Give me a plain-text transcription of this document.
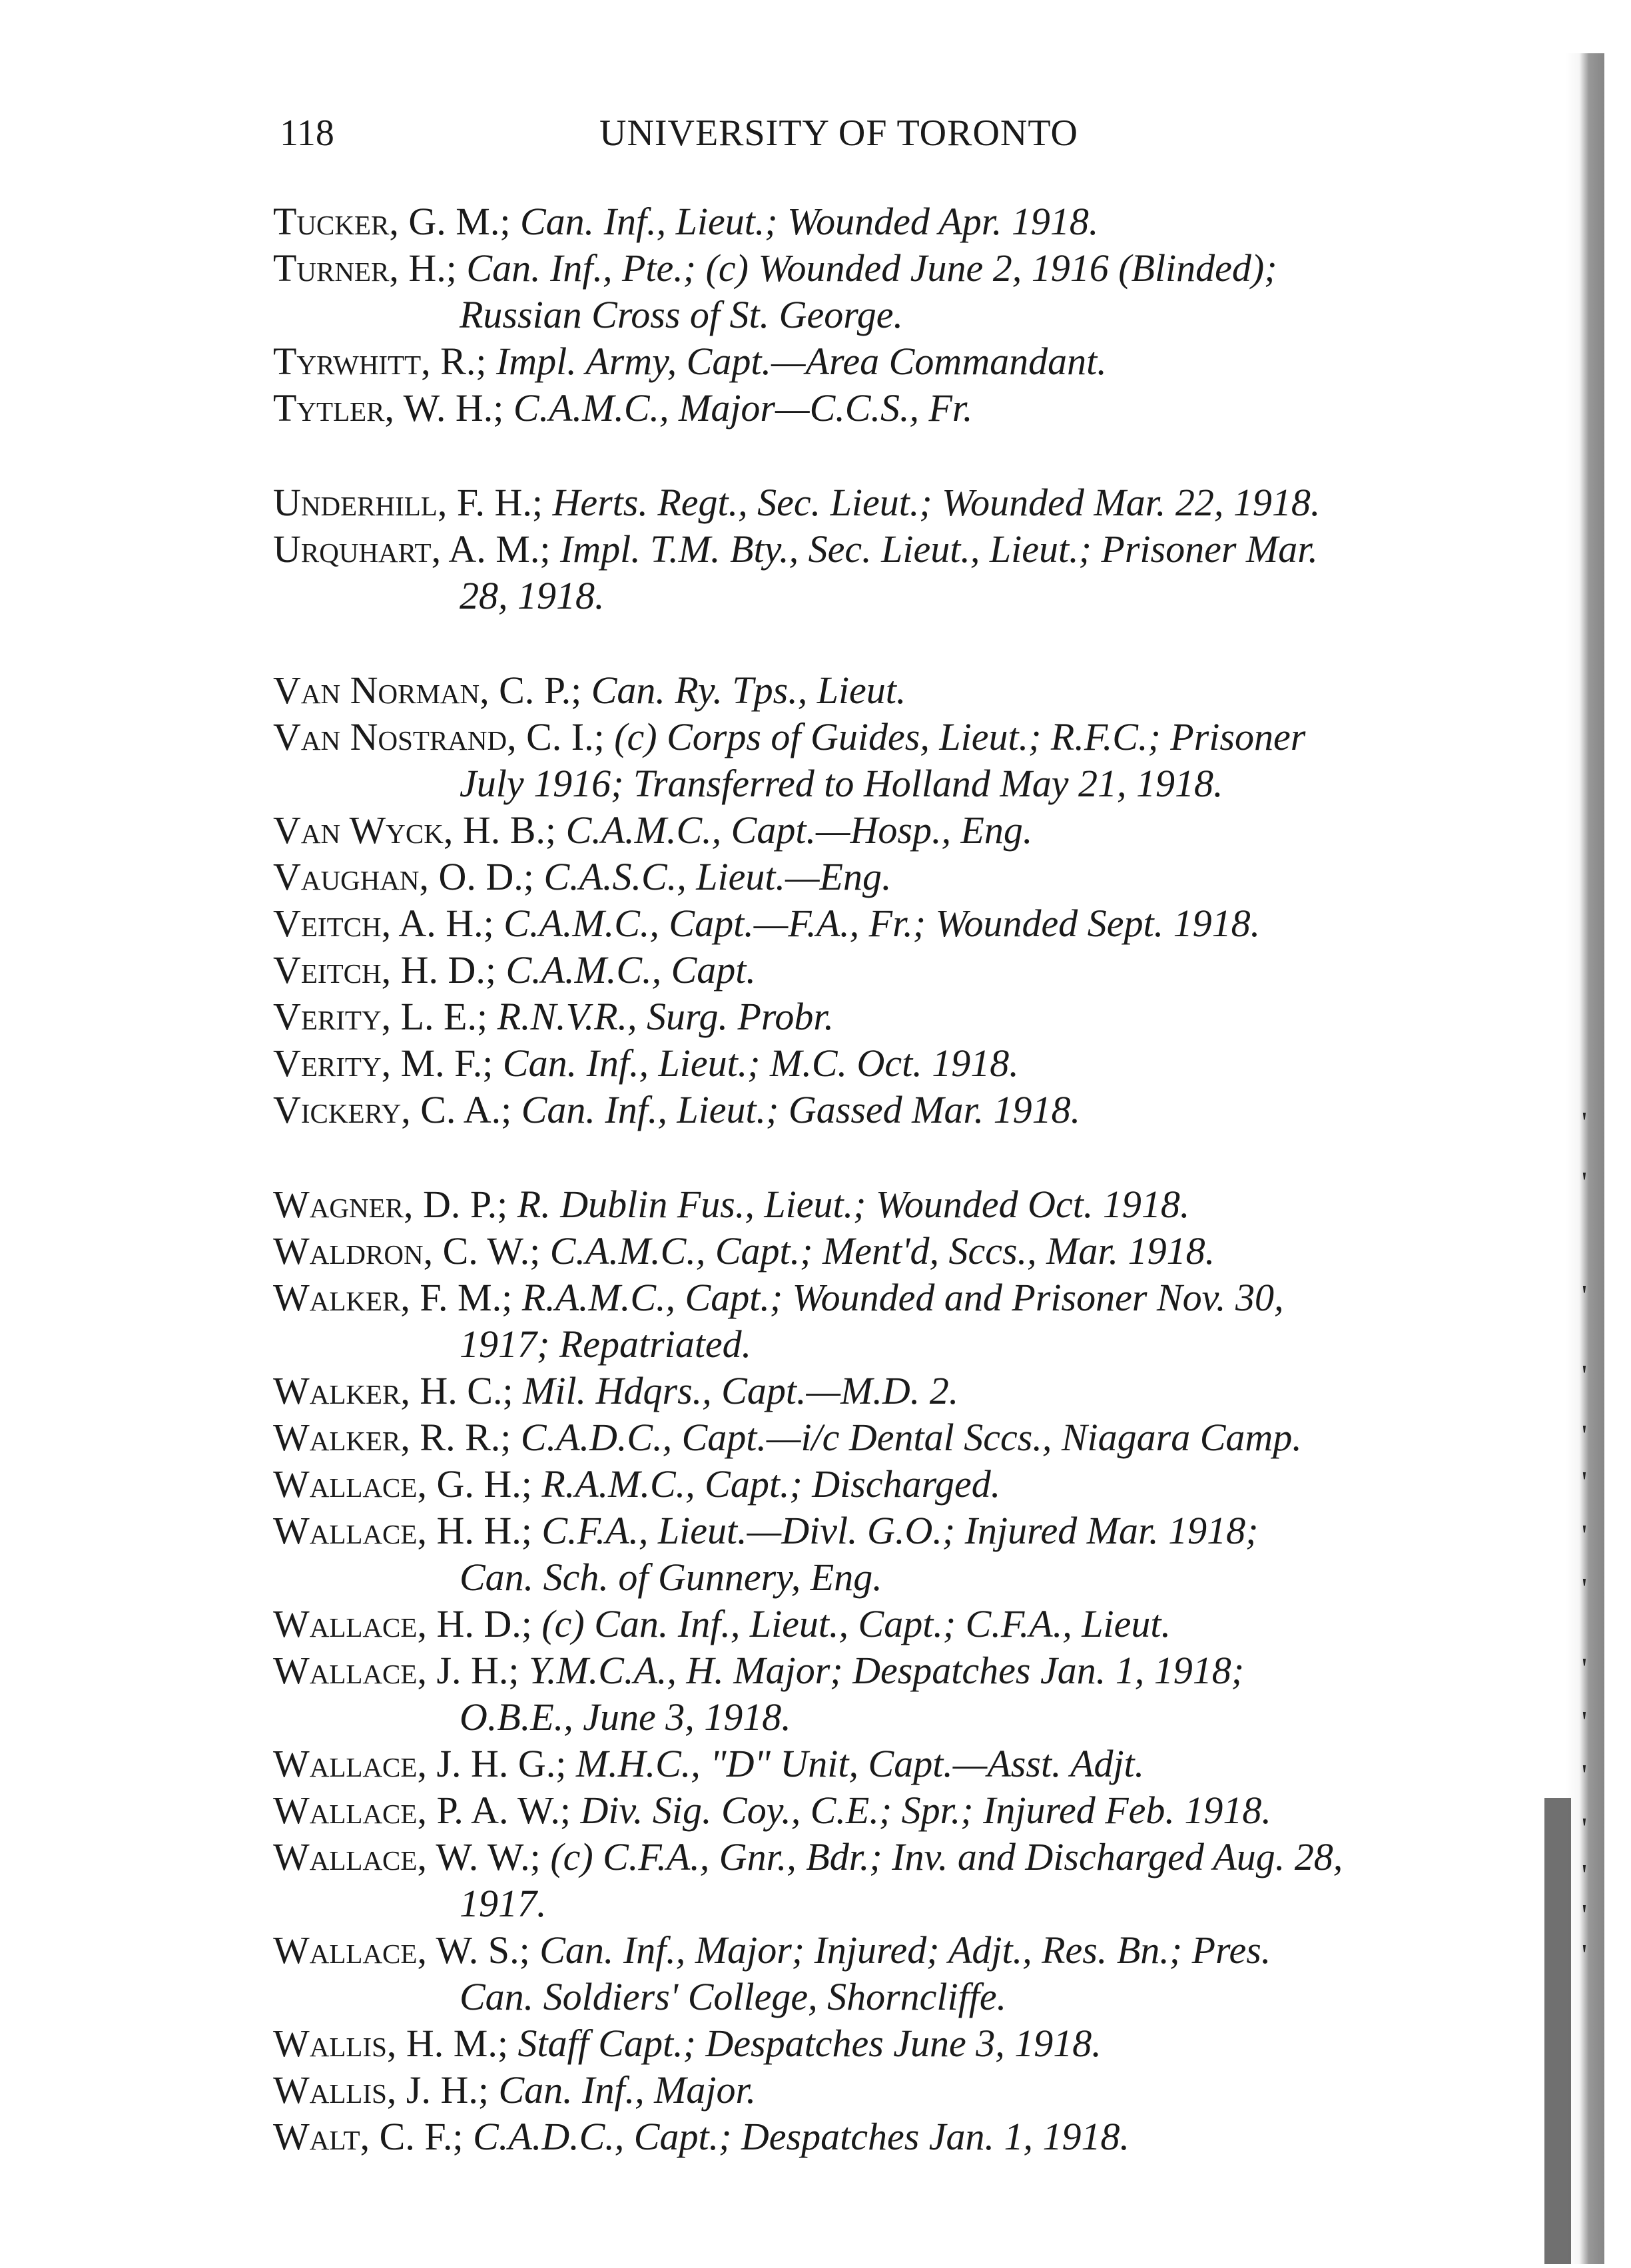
118	UNIVERSITY OF TORONTO

Tucker, G. M.; Can. Inf., Lieut.; Wounded Apr. 1918.

Turner, H.; Can. Inf., Pte.; (c) Wounded June 2, 1916 (Blinded);

Russian Cross of St. George.

Tyrwhitt, R.; Impl. Army, Capt.—Area Commandant.

Tytler, W. H.; C.A.M.C., Major—C.C.S., Fr.

Underhill, F. H.; Herts. Regt., Sec. Lieut.; Wounded Mar. 22, 1918.

Urquhart, A. M.; Impl. T.M. Bty., Sec. Lieut., Lieut.; Prisoner Mar.

28, 1918.

Van Norman, C. P.; Can. Ry. Tps., Lieut.

Van Nostrand, C. I.; (c) Corps of Guides, Lieut.; R.F.C.; Prisoner

July 1916; Transferred to Holland May 21, 1918.

Van Wyck, H. B.; C.A.M.C., Capt.—Hosp., Eng.

Vaughan, O. D.; C.A.S.C., Lieut.—Eng.

Veitch, A. H.; C.A.M.C., Capt.—F.A., Fr.; Wounded Sept. 1918.

Veitch, H. D.; C.A.M.C., Capt.

Verity, L. E.; R.N.V.R., Surg. Probr.

Verity, M. F.; Can. Inf., Lieut.; M.C. Oct. 1918.

Vickery, C. A.; Can. Inf., Lieut.; Gassed Mar. 1918.

Wagner, D. P.; R. Dublin Fus., Lieut.; Wounded Oct. 1918.

Waldron, C. W.; C.A.M.C., Capt.; Ment'd, Sccs., Mar. 1918.

Walker, F. M.; R.A.M.C., Capt.; Wounded and Prisoner Nov. 30,

1917; Repatriated.

Walker, H. C.; Mil. Hdqrs., Capt.—M.D. 2.

Walker, R. R.; C.A.D.C., Capt.—i/c Dental Sccs., Niagara Camp.

Wallace, G. H.; R.A.M.C., Capt.; Discharged.

Wallace, H. H.; C.F.A., Lieut.—Divl. G.O.; Injured Mar. 1918;

Can. Sch. of Gunnery, Eng.

Wallace, H. D.; (c) Can. Inf., Lieut., Capt.; C.F.A., Lieut.

Wallace, J. H.; Y.M.C.A., H. Major; Despatches Jan. 1, 1918;

O.B.E., June 3, 1918.

Wallace, J. H. G.; M.H.C., "D" Unit, Capt.—Asst. Adjt.

Wallace, P. A. W.; Div. Sig. Coy., C.E.; Spr.; Injured Feb. 1918.

Wallace, W. W.; (c) C.F.A., Gnr., Bdr.; Inv. and Discharged Aug. 28,

1917.

Wallace, W. S.; Can. Inf., Major; Injured; Adjt., Res. Bn.; Pres.

Can. Soldiers' College, Shorncliffe.

Wallis, H. M.; Staff Capt.; Despatches June 3, 1918.

Wallis, J. H.; Can. Inf., Major.

Walt, C. F.; C.A.D.C., Capt.; Despatches Jan. 1, 1918.

'
'
'
'
'
'
'
'
'
'
'
'
'
'
'
